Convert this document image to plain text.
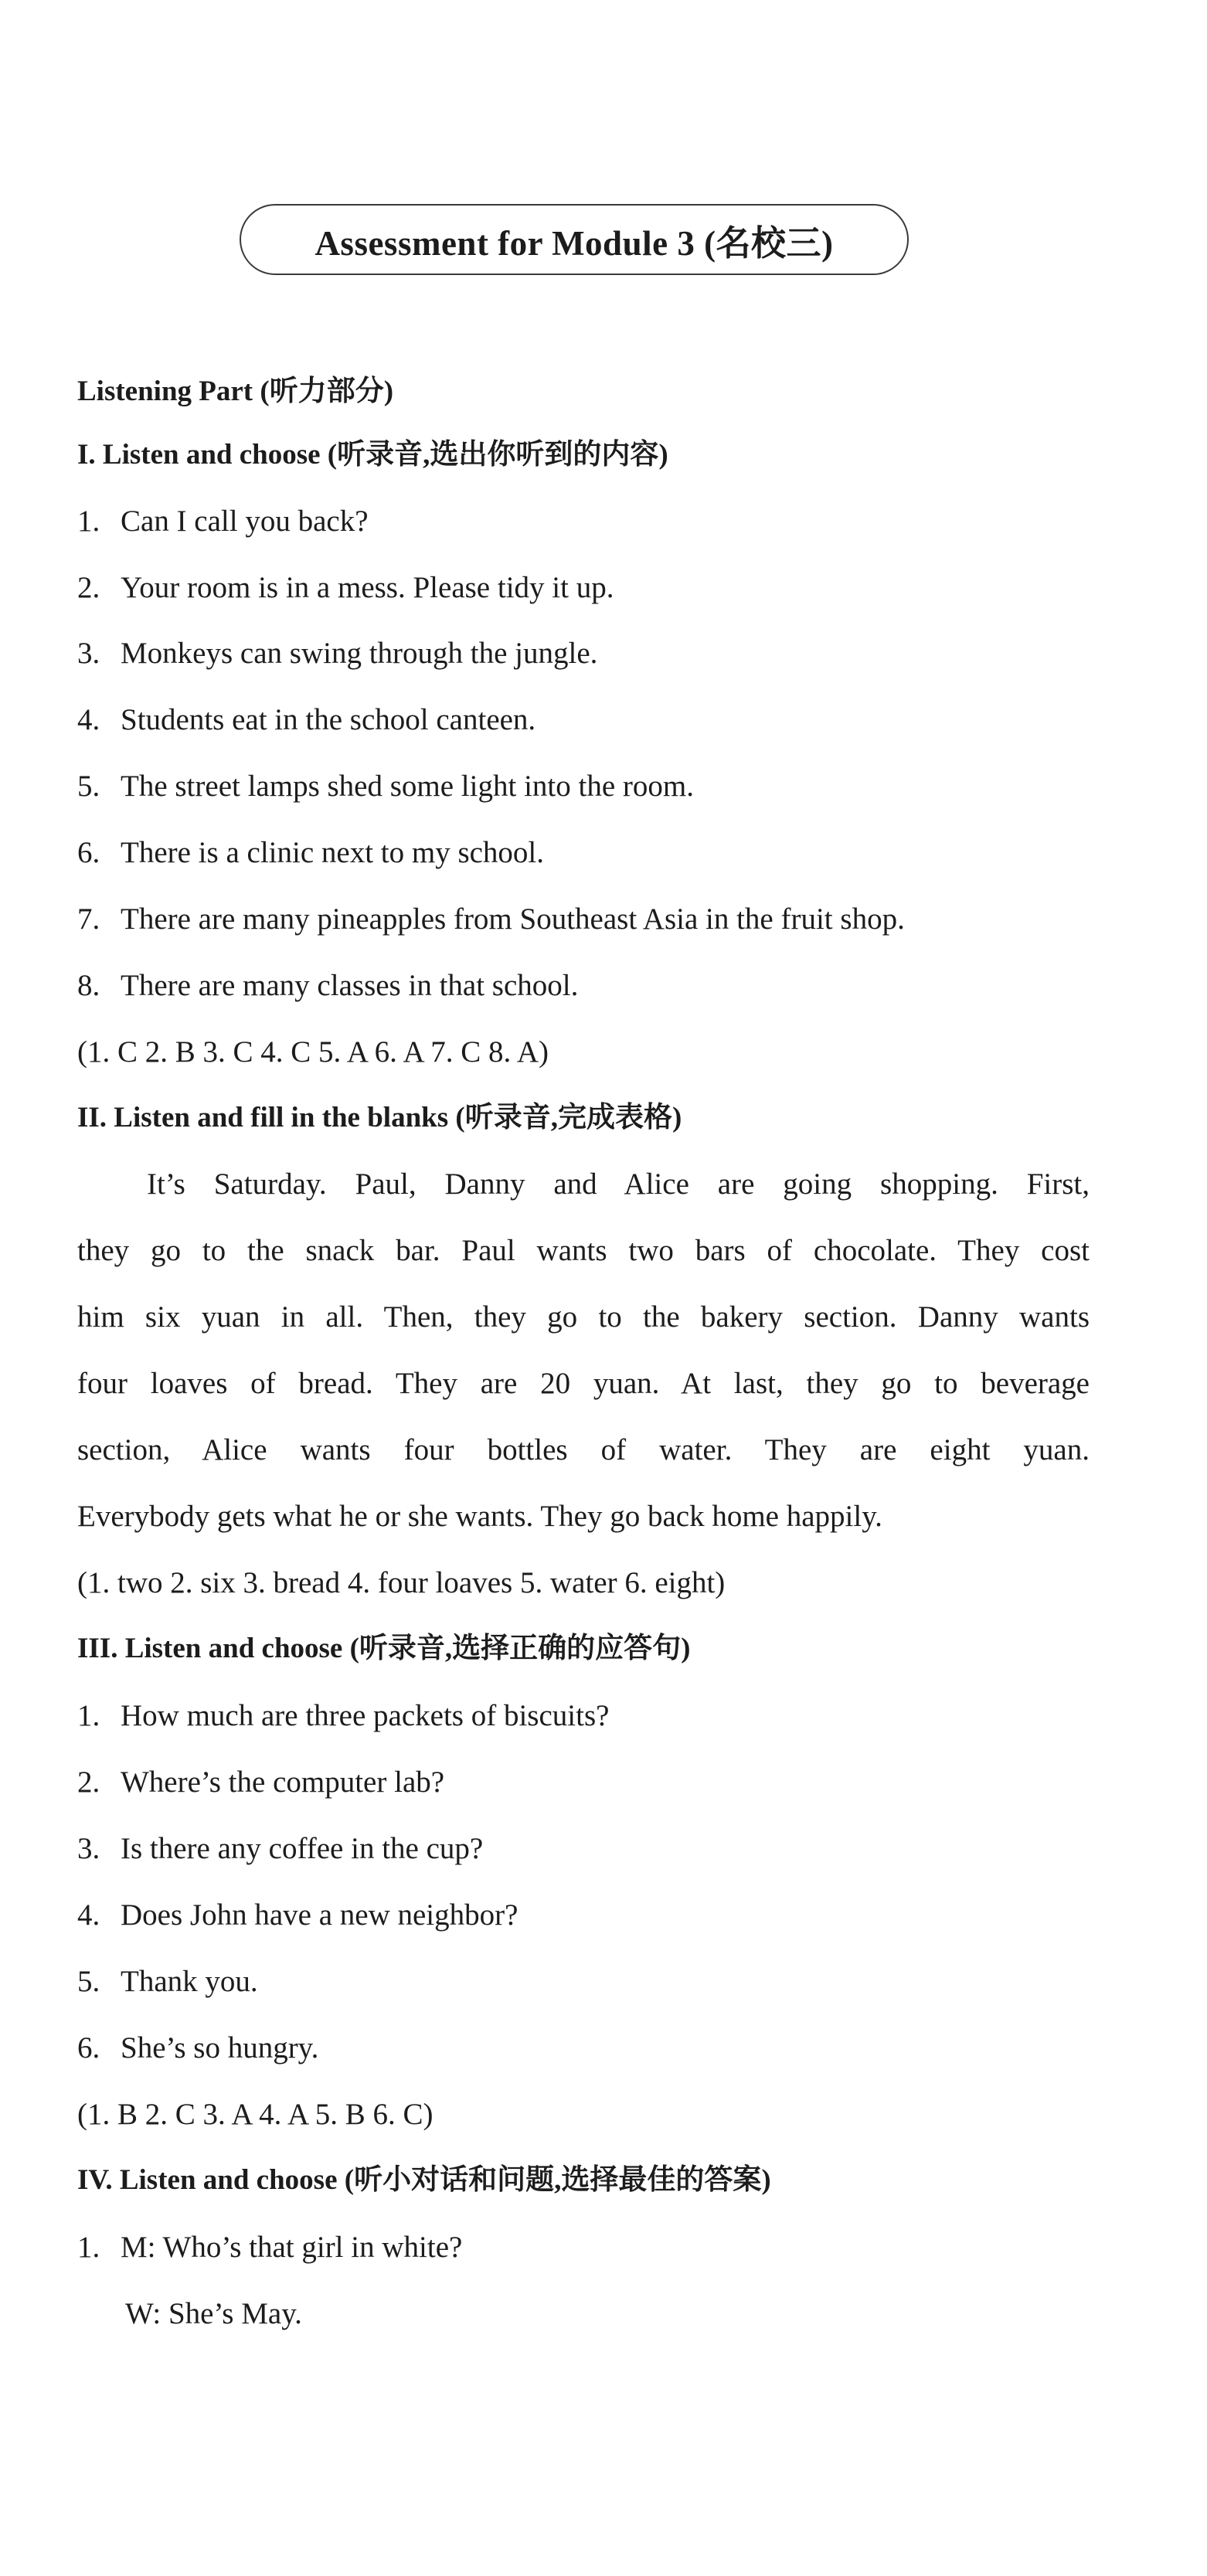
Assessment for Module 3 (名校三)
Listening Part (听力部分)
I. Listen and choose (听录音,选出你听到的内容)
1. Can I call you back?
2. Your room is in a mess. Please tidy it up.
3. Monkeys can swing through the jungle.
4. Students eat in the school canteen.
5. The street lamps shed some light into the room.
6. There is a clinic next to my school.
7. There are many pineapples from Southeast Asia in the fruit shop.
8. There are many classes in that school.
(1. C 2. B 3. C 4. C 5. A 6. A 7. C 8. A)
II. Listen and fill in the blanks (听录音,完成表格)
It’s Saturday. Paul, Danny and Alice are going shopping. First,
they go to the snack bar. Paul wants two bars of chocolate. They cost
him six yuan in all. Then, they go to the bakery section. Danny wants
four loaves of bread. They are 20 yuan. At last, they go to beverage
section, Alice wants four bottles of water. They are eight yuan.
Everybody gets what he or she wants. They go back home happily.
(1. two 2. six 3. bread 4. four loaves 5. water 6. eight)
III. Listen and choose (听录音,选择正确的应答句)
1. How much are three packets of biscuits?
2. Where’s the computer lab?
3. Is there any coffee in the cup?
4. Does John have a new neighbor?
5. Thank you.
6. She’s so hungry.
(1. B 2. C 3. A 4. A 5. B 6. C)
IV. Listen and choose (听小对话和问题,选择最佳的答案)
1. M: Who’s that girl in white?
W: She’s May.
